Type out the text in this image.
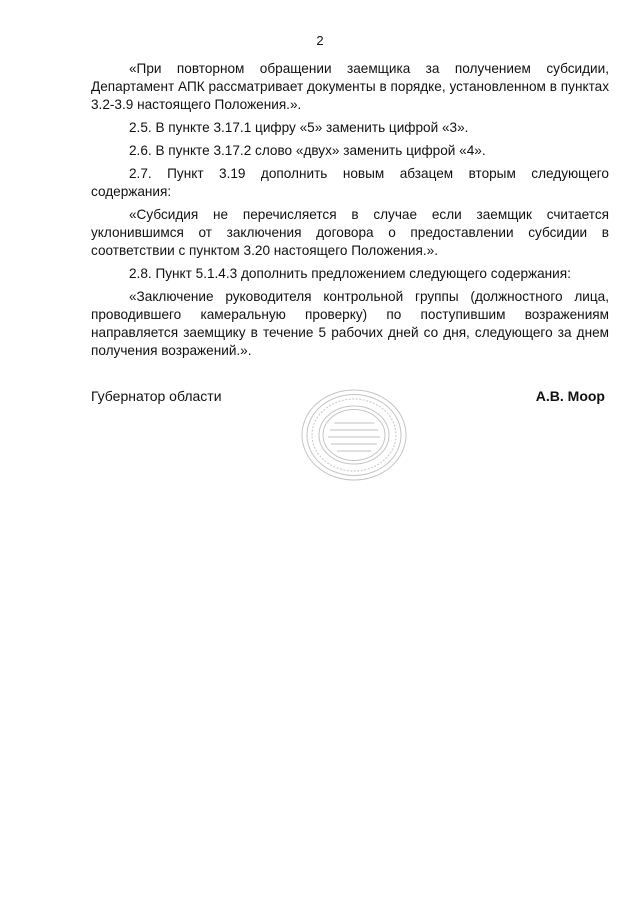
2

«При повторном обращении заемщика за получением субсидии, Департамент АПК рассматривает документы в порядке, установленном в пунктах 3.2-3.9 настоящего Положения.».

2.5. В пункте 3.17.1 цифру «5» заменить цифрой «3».

2.6. В пункте 3.17.2 слово «двух» заменить цифрой «4».

2.7. Пункт 3.19 дополнить новым абзацем вторым следующего содержания:

«Субсидия не перечисляется в случае если заемщик считается уклонившимся от заключения договора о предоставлении субсидии в соответствии с пунктом 3.20 настоящего Положения.».

2.8. Пункт 5.1.4.3 дополнить предложением следующего содержания:

«Заключение руководителя контрольной группы (должностного лица, проводившего камеральную проверку) по поступившим возражениям направляется заемщику в течение 5 рабочих дней со дня, следующего за днем получения возражений.».

Губернатор области	А.В. Моор
